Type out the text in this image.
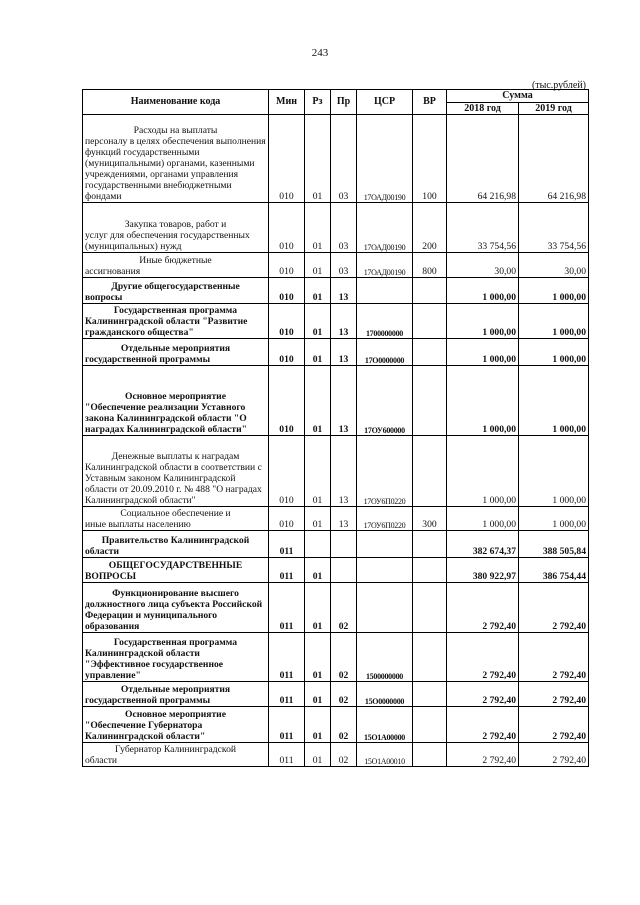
243
(тыс.рублей)
Наименование кода	Мин	Рз	Пр	ЦСР	ВР	Сумма	
						2018 год	2019 год

Расходы на выплаты
персоналу в целях обеспечения выполнения функций государственными (муниципальными) органами, казенными учреждениями, органами управления государственными внебюджетными фондами	010	01	03	17ОАД00190	100	64 216,98	64 216,98

Закупка товаров, работ и
услуг для обеспечения государственных (муниципальных) нужд	010	01	03	17ОАД00190	200	33 754,56	33 754,56

Иные бюджетные
ассигнования	010	01	03	17ОАД00190	800	30,00	30,00

Другие общегосударственные
вопросы	010	01	13			1 000,00	1 000,00

Государственная программа
Калининградской области "Развитие гражданского общества"	010	01	13	1700000000		1 000,00	1 000,00

Отдельные мероприятия
государственной программы	010	01	13	17О0000000		1 000,00	1 000,00

Основное мероприятие
"Обеспечение реализации Уставного закона Калининградской области "О наградах Калининградской области"	010	01	13	17ОУ600000		1 000,00	1 000,00

Денежные выплаты к наградам
Калининградской области в соответствии с Уставным законом Калининградской области от 20.09.2010 г. № 488 "О наградах Калининградской области"	010	01	13	17ОУ6П0220		1 000,00	1 000,00

Социальное обеспечение и
иные выплаты населению	010	01	13	17ОУ6П0220	300	1 000,00	1 000,00

Правительство Калининградской
области	011					382 674,37	388 505,84

ОБЩЕГОСУДАРСТВЕННЫЕ
ВОПРОСЫ	011	01				380 922,97	386 754,44

Функционирование высшего
должностного лица субъекта Российской Федерации и муниципального образования	011	01	02			2 792,40	2 792,40

Государственная программа
Калининградской области "Эффективное государственное управление"	011	01	02	1500000000		2 792,40	2 792,40

Отдельные мероприятия
государственной программы	011	01	02	15О0000000		2 792,40	2 792,40

Основное мероприятие
"Обеспечение Губернатора Калининградской области"	011	01	02	15О1А00000		2 792,40	2 792,40

Губернатор Калининградской
области	011	01	02	15О1А00010		2 792,40	2 792,40
